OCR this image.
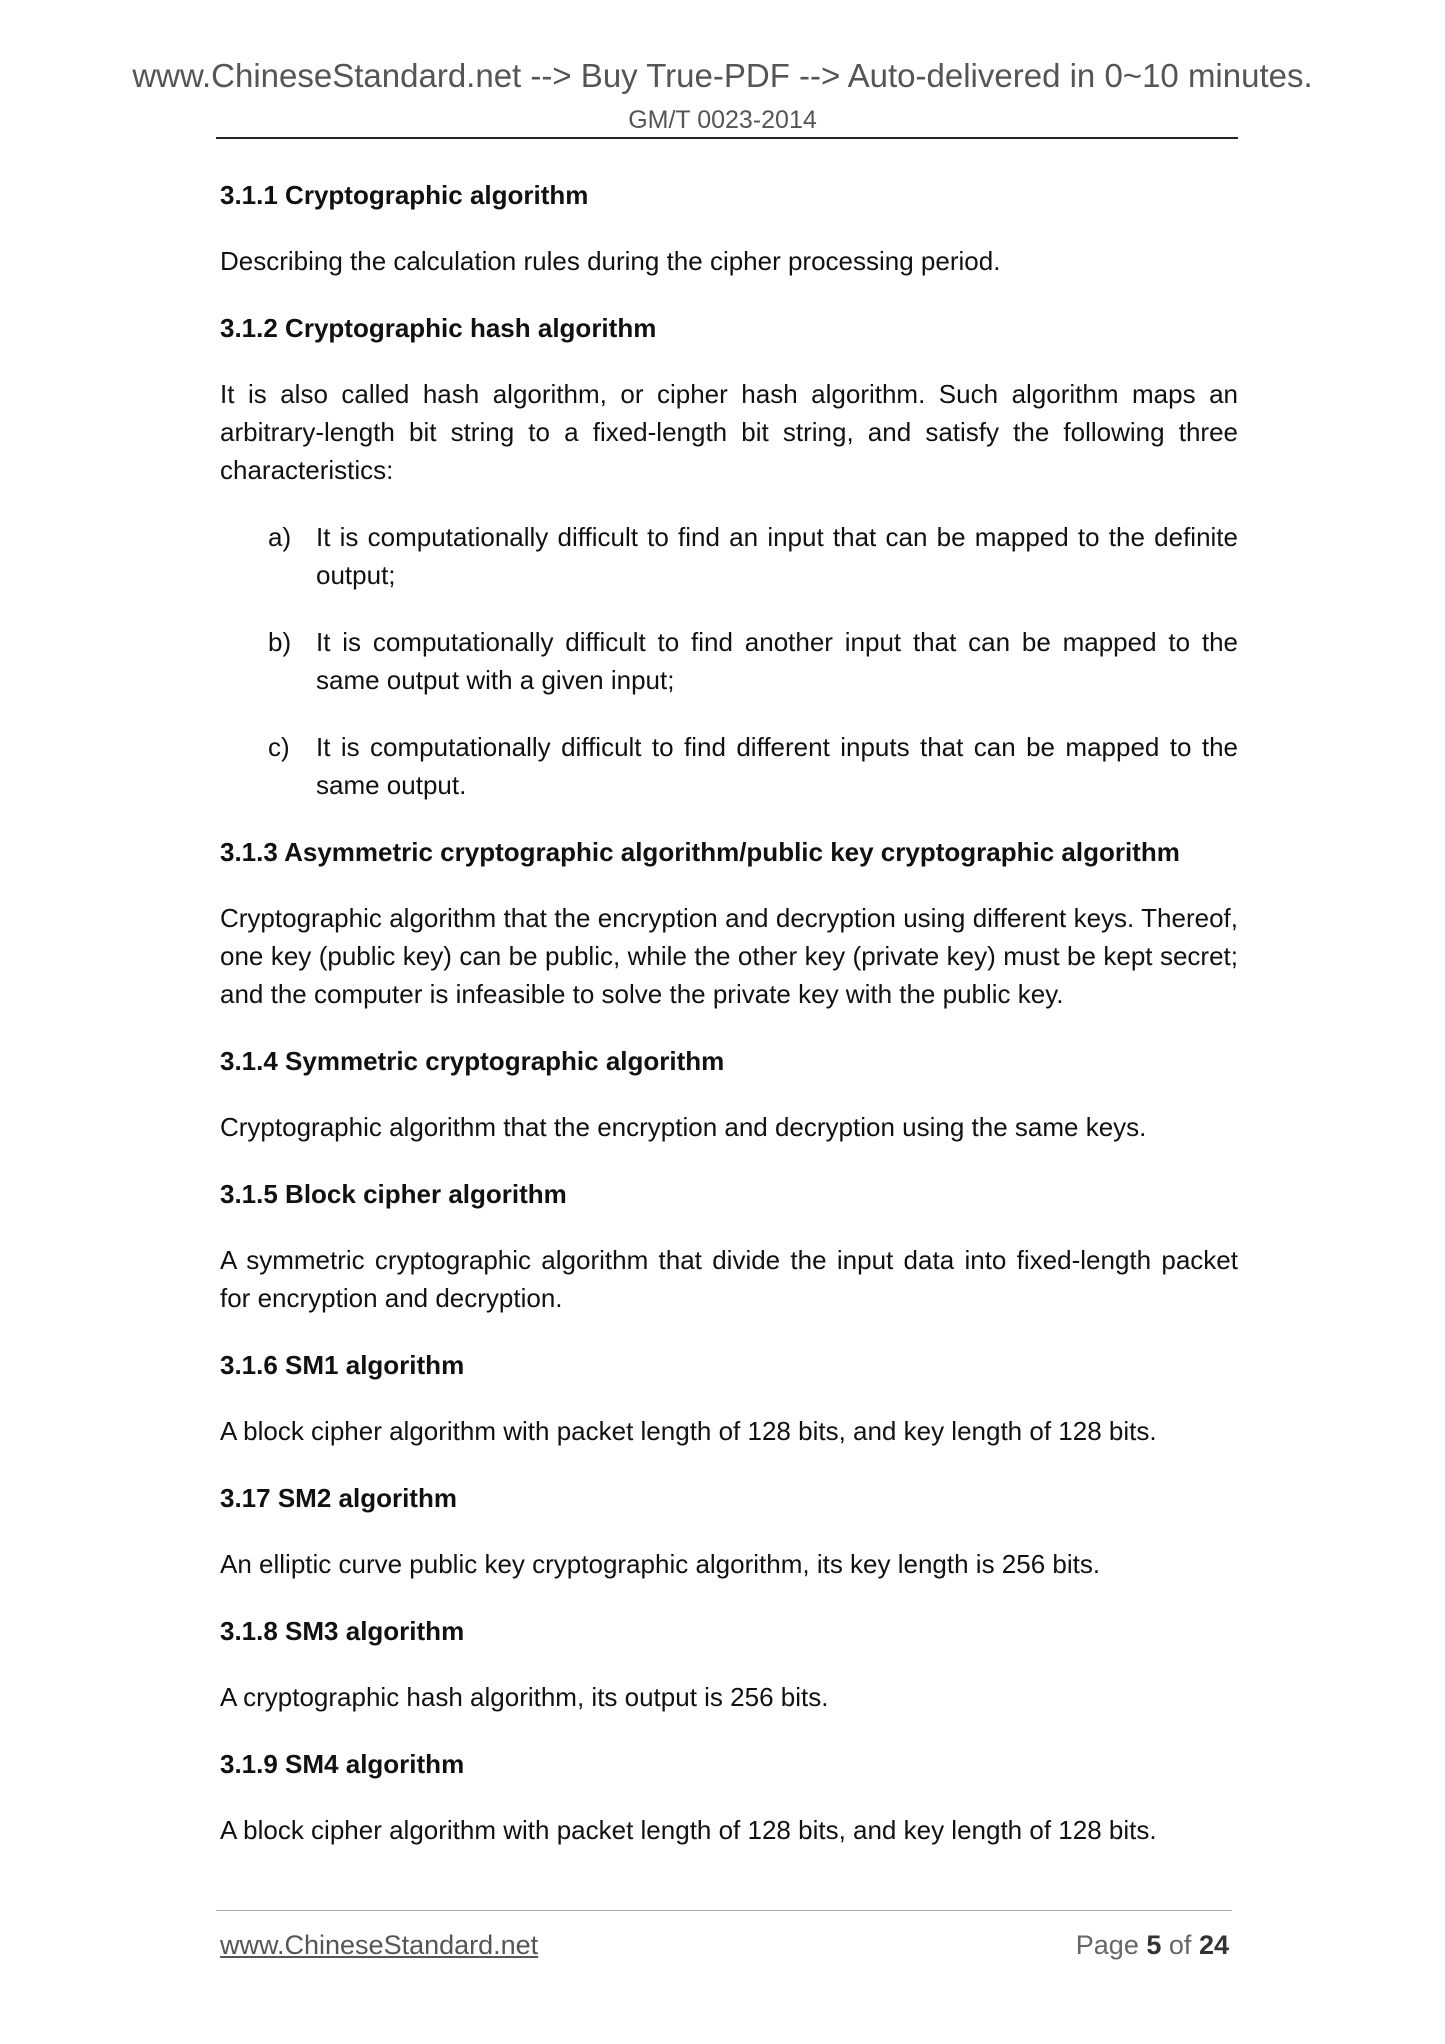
www.ChineseStandard.net --> Buy True-PDF --> Auto-delivered in 0~10 minutes.
GM/T 0023-2014
3.1.1 Cryptographic algorithm

Describing the calculation rules during the cipher processing period.

3.1.2 Cryptographic hash algorithm

It is also called hash algorithm, or cipher hash algorithm. Such algorithm maps an arbitrary-length bit string to a fixed-length bit string, and satisfy the following three characteristics:

a) It is computationally difficult to find an input that can be mapped to the definite output;
b) It is computationally difficult to find another input that can be mapped to the same output with a given input;
c) It is computationally difficult to find different inputs that can be mapped to the same output.
3.1.3 Asymmetric cryptographic algorithm/public key cryptographic algorithm

Cryptographic algorithm that the encryption and decryption using different keys. Thereof, one key (public key) can be public, while the other key (private key) must be kept secret; and the computer is infeasible to solve the private key with the public key.

3.1.4 Symmetric cryptographic algorithm

Cryptographic algorithm that the encryption and decryption using the same keys.

3.1.5 Block cipher algorithm

A symmetric cryptographic algorithm that divide the input data into fixed-length packet for encryption and decryption.

3.1.6 SM1 algorithm

A block cipher algorithm with packet length of 128 bits, and key length of 128 bits.

3.17 SM2 algorithm

An elliptic curve public key cryptographic algorithm, its key length is 256 bits.

3.1.8 SM3 algorithm

A cryptographic hash algorithm, its output is 256 bits.

3.1.9 SM4 algorithm

A block cipher algorithm with packet length of 128 bits, and key length of 128 bits.

www.ChineseStandard.net	Page 5 of 24
